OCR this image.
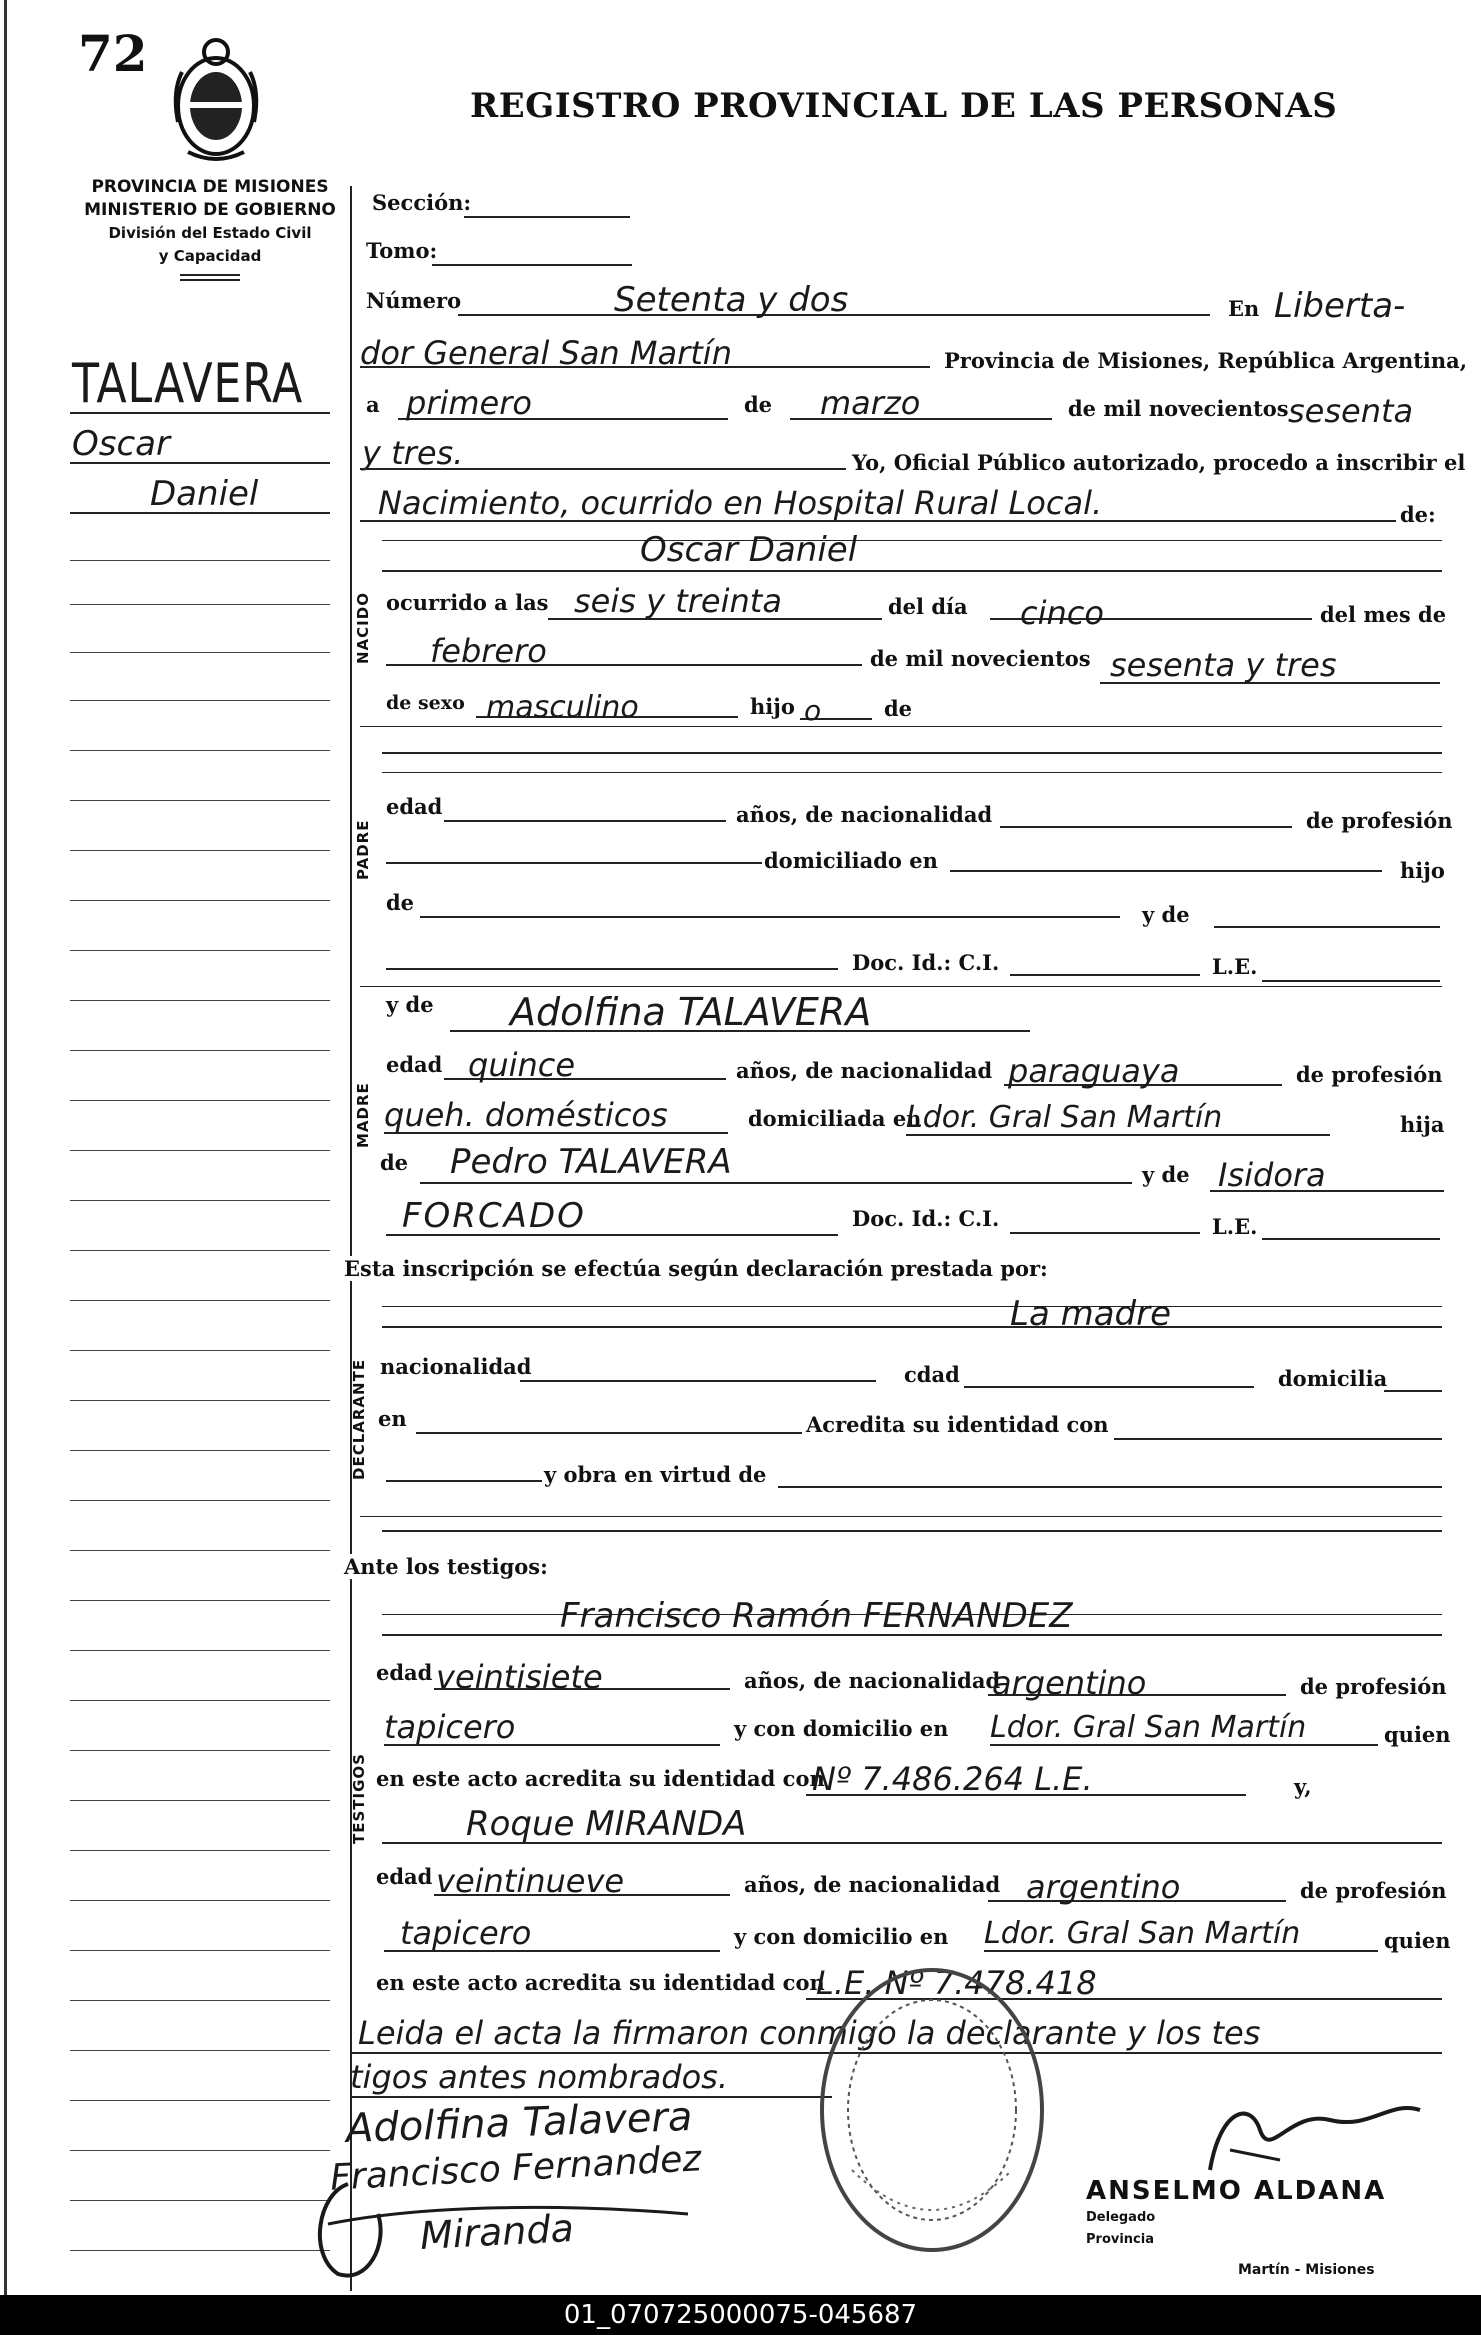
72
REGISTRO PROVINCIAL DE LAS PERSONAS
PROVINCIA DE MISIONES
MINISTERIO DE GOBIERNO
División del Estado Civil
y Capacidad
TALAVERA
Oscar
Daniel
Sección:
Tomo:
Número	Setenta y dos	En Liberta-
dor General San Martín	Provincia de Misiones, República Argentina,
a primero	de marzo	de mil novecientos sesenta
y tres.	Yo, Oficial Público autorizado, procedo a inscribir el
Nacimiento, ocurrido en Hospital Rural Local.	de:
NACIDO
Oscar Daniel
ocurrido a las seis y treinta	del día cinco	del mes de
febrero	de mil novecientos sesenta y tres
de sexo masculino	hijo o	de
PADRE
edad	años, de nacionalidad	de profesión
domiciliado en	hijo
de	y de
Doc. Id.: C.I.	L.E.
MADRE
y de Adolfina TALAVERA
edad quince	años, de nacionalidad paraguaya	de profesión
queh. domésticos	domiciliada en
Ldor. Gral San Martín	hija
de Pedro TALAVERA	y de Isidora
FORCADO	Doc. Id.: C.I.	L.E.
Esta inscripción se efectúa según declaración prestada por:
DECLARANTE
La madre
nacionalidad	cdad	domicilia
en	Acredita su identidad con
y obra en virtud de
Ante los testigos:
TESTIGOS
Francisco Ramón FERNANDEZ
edad veintisiete	años, de nacionalidad
argentino	de profesión
tapicero	y con domicilio en Ldor. Gral San Martín	quien
en este acto acredita su identidad con
Nº 7.486.264 L.E.	y,
Roque MIRANDA
edad veintinueve	años, de nacionalidad argentino	de profesión
tapicero	y con domicilio en Ldor. Gral San Martín	quien
en este acto acredita su identidad con
L.E. Nº 7.478.418
Leida el acta la firmaron conmigo la declarante y los tes
tigos antes nombrados.
Adolfina Talavera
Francisco Fernandez
Miranda
ANSELMO ALDANA
Delegado
Provincia
Martín - Misiones
01_070725000075-045687
